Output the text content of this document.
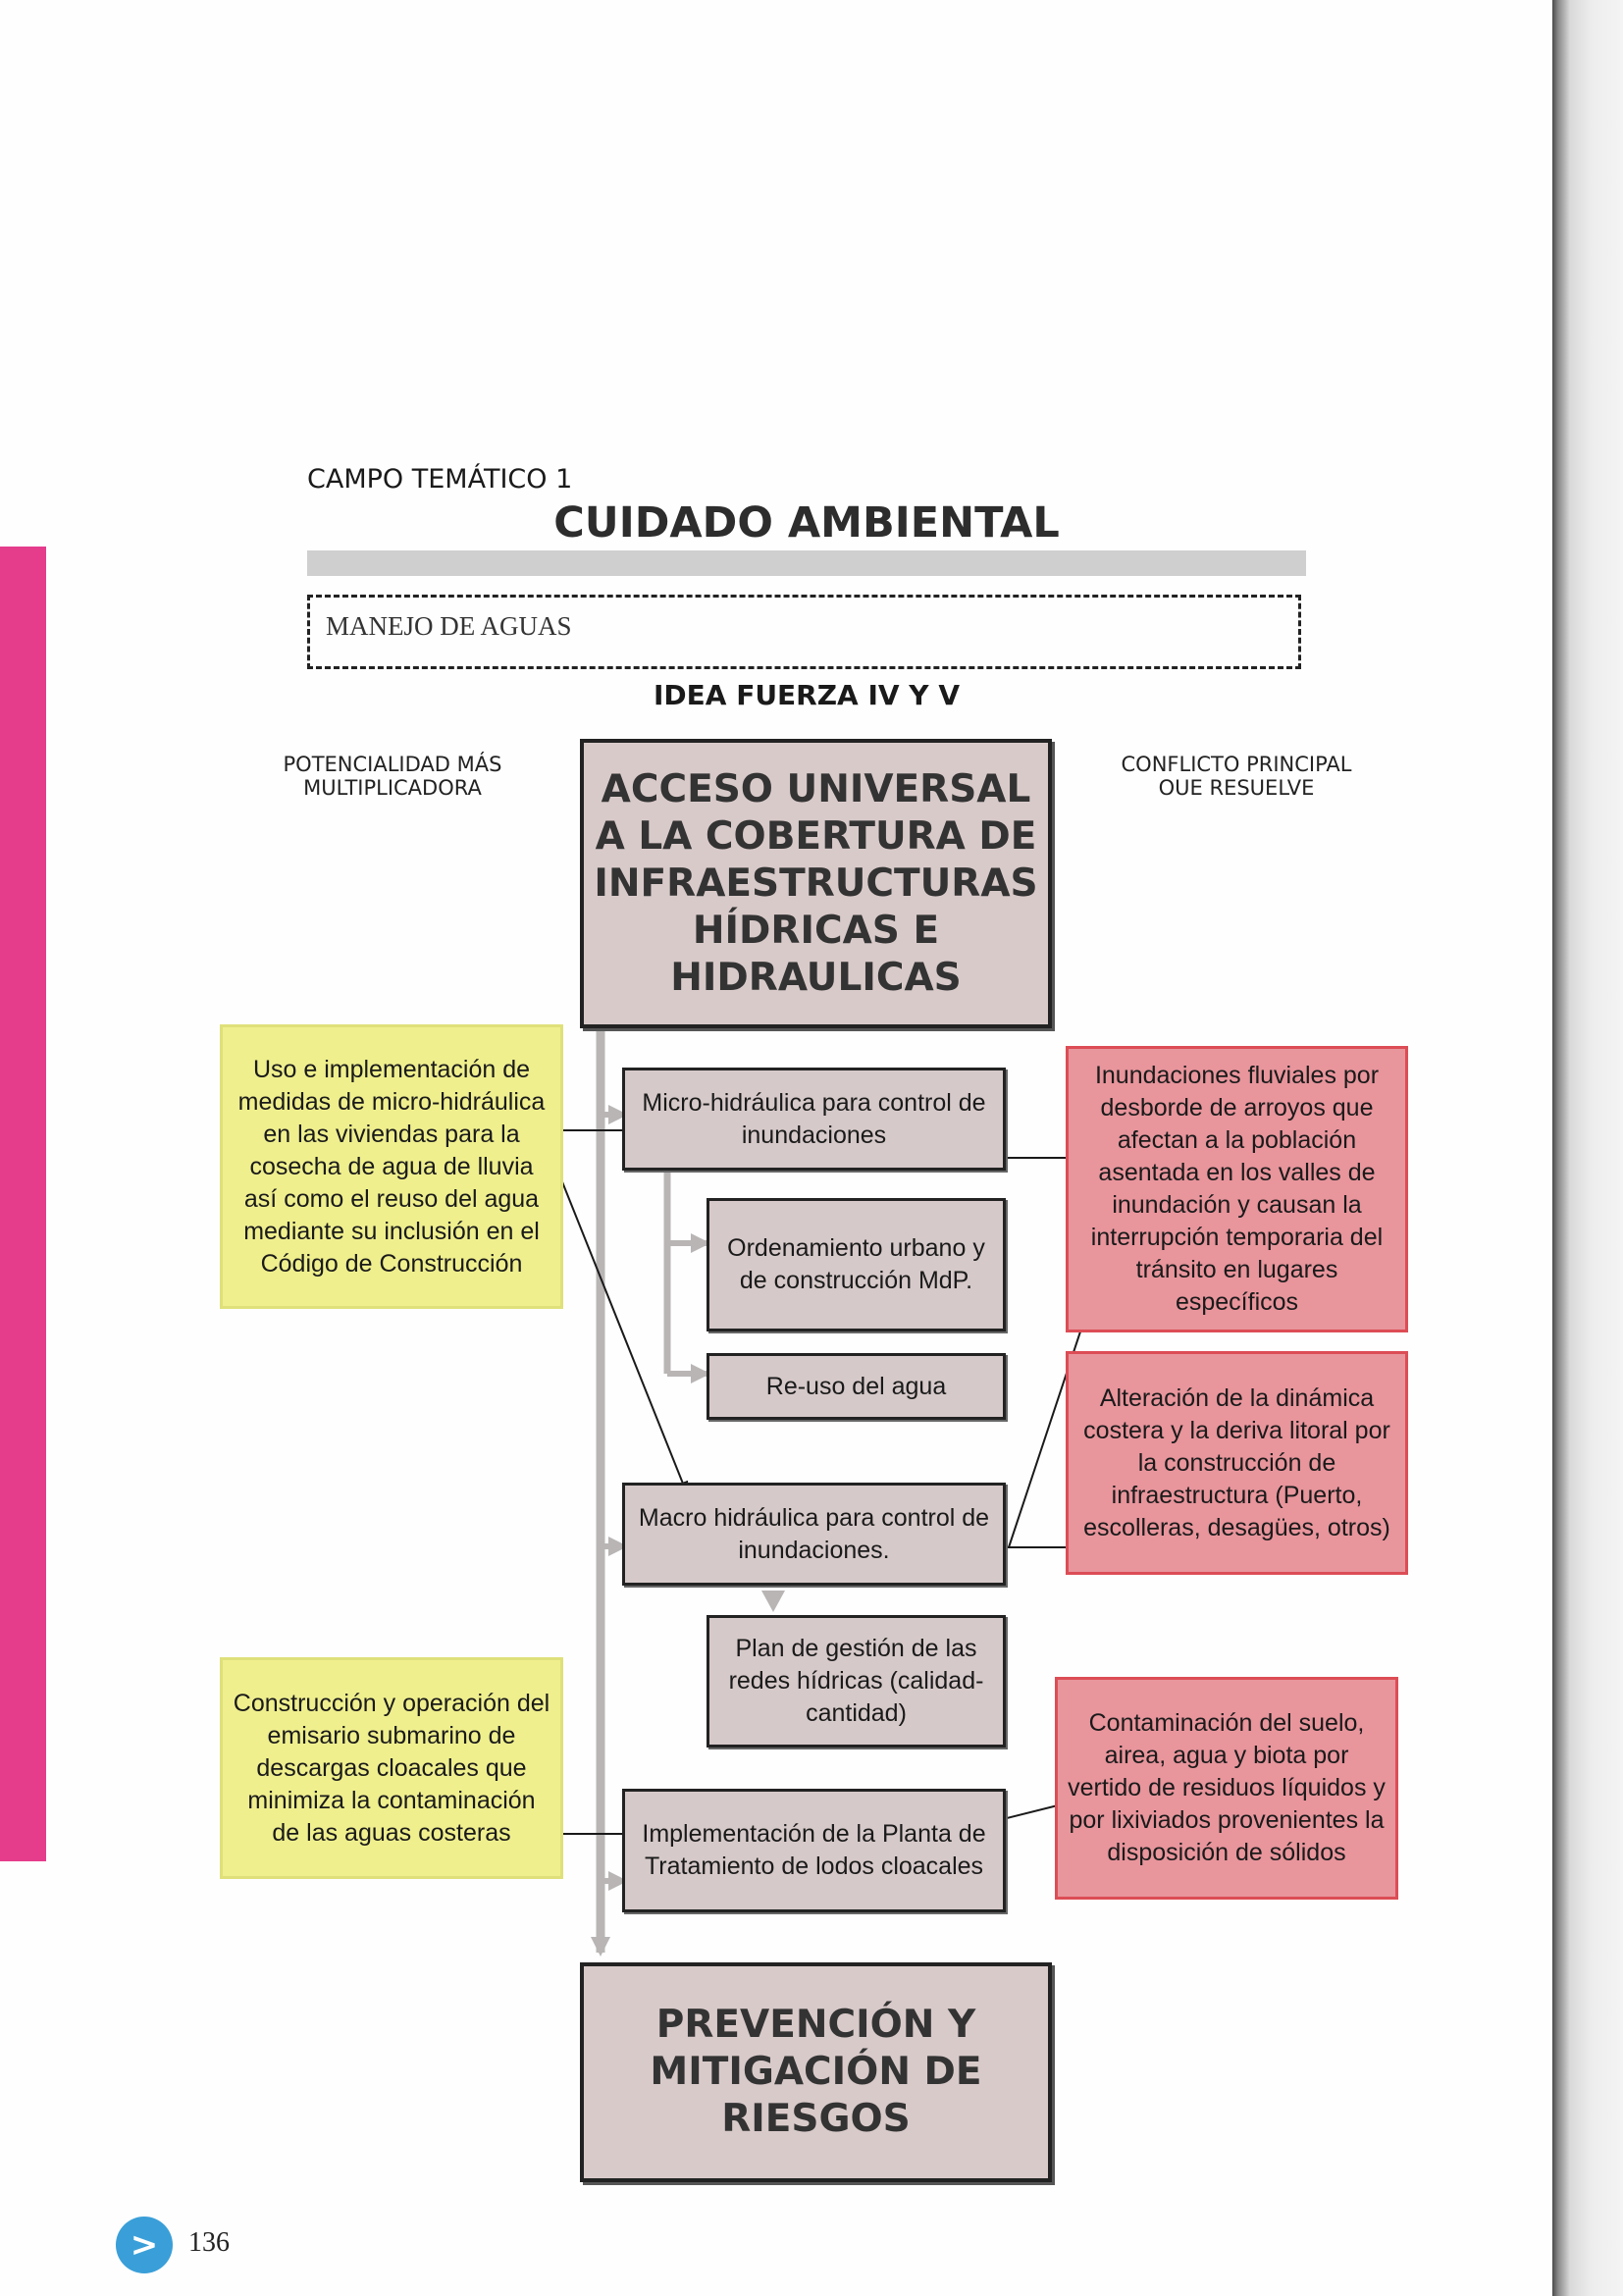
CAMPO TEMÁTICO 1
CUIDADO AMBIENTAL
MANEJO DE AGUAS
IDEA FUERZA IV Y V
POTENCIALIDAD MÁS MULTIPLICADORA
CONFLICTO PRINCIPAL OUE RESUELVE
ACCESO UNIVERSAL A LA COBERTURA DE INFRAESTRUCTURAS HÍDRICAS E HIDRAULICAS
PREVENCIÓN Y MITIGACIÓN DE RIESGOS
Uso e implementación de medidas de micro-hidráulica en las viviendas para la cosecha de agua de lluvia así como el reuso del agua mediante su inclusión en el Código de Construcción
Construcción y operación del emisario submarino de descargas cloacales que minimiza la contaminación de las aguas costeras
Micro-hidráulica para control de inundaciones
Ordenamiento urbano y de construcción MdP.
Re-uso del agua
Macro hidráulica para control de inundaciones.
Plan de gestión de las redes hídricas (calidad-cantidad)
Implementación de la Planta de Tratamiento de lodos cloacales
Inundaciones fluviales por desborde de arroyos que afectan a la población asentada en los valles de inundación y causan la interrupción temporaria del tránsito en lugares específicos
Alteración de la dinámica costera y la deriva litoral por la construcción de infraestructura (Puerto, escolleras, desagües, otros)
Contaminación del suelo, airea, agua y biota por vertido de residuos líquidos y por lixiviados provenientes la disposición de sólidos
>	136
